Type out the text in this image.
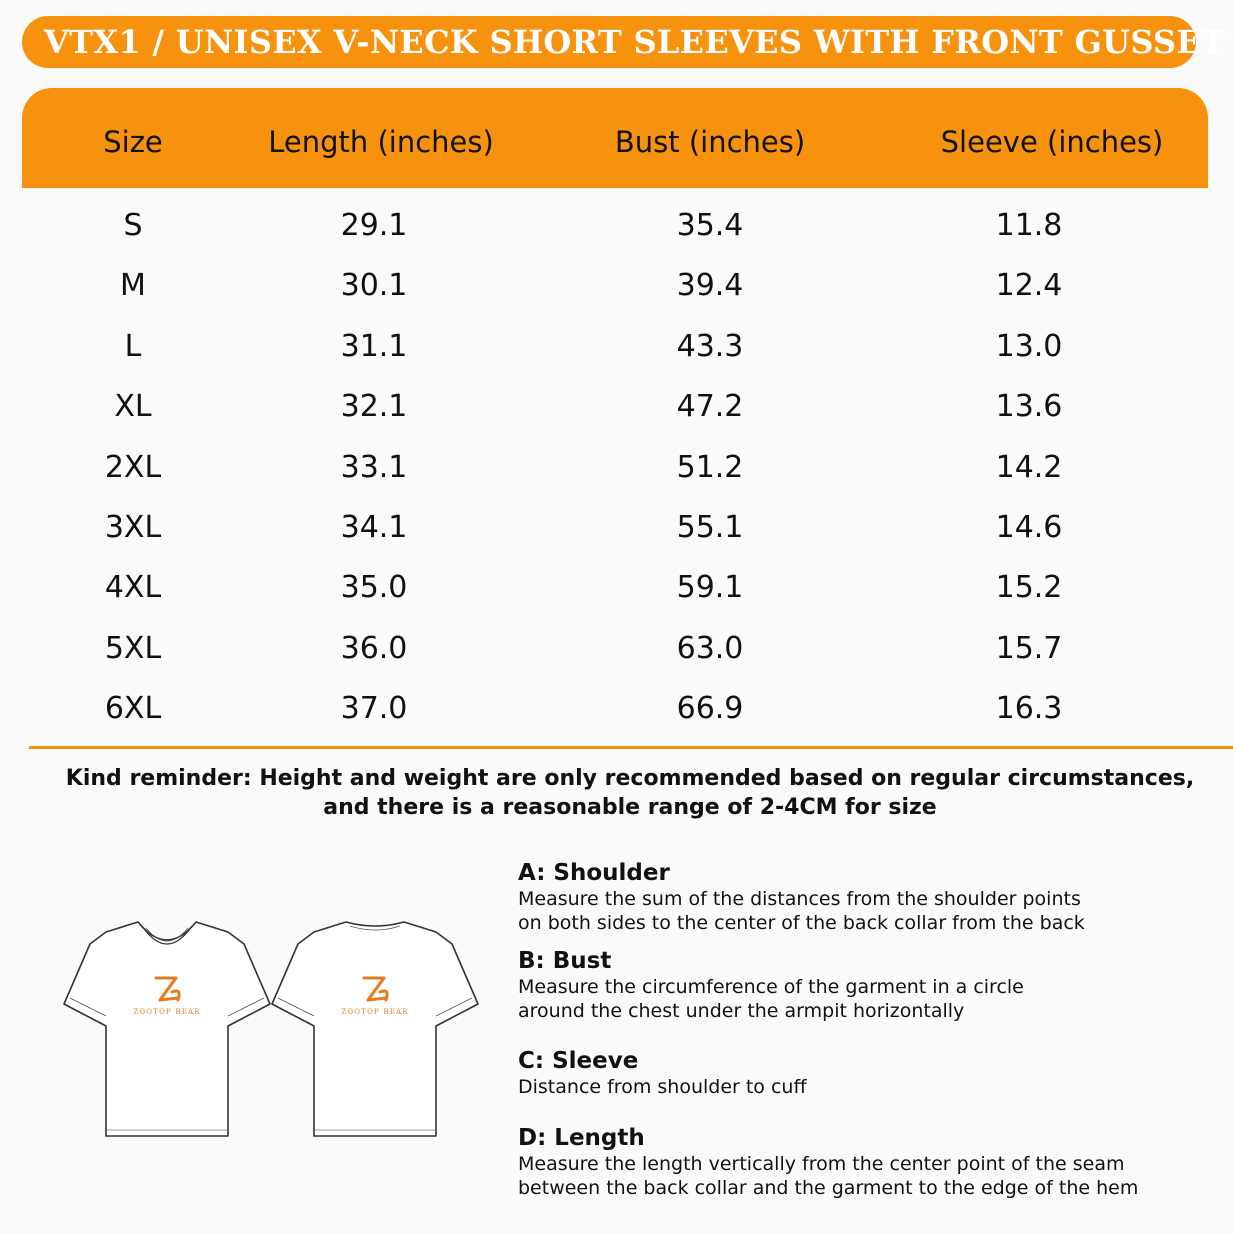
VTX1 / UNISEX V-NECK SHORT SLEEVES WITH FRONT GUSSET
Size	Length (inches)	Bust (inches)	Sleeve (inches)
S	29.1	35.4	11.8
M	30.1	39.4	12.4
L	31.1	43.3	13.0
XL	32.1	47.2	13.6
2XL	33.1	51.2	14.2
3XL	34.1	55.1	14.6
4XL	35.0	59.1	15.2
5XL	36.0	63.0	15.7
6XL	37.0	66.9	16.3
Kind reminder: Height and weight are only recommended based on regular circumstances,
and there is a reasonable range of 2-4CM for size
ZOOTOP BEAR	ZOOTOP BEAR
A: Shoulder
Measure the sum of the distances from the shoulder points
on both sides to the center of the back collar from the back
B: Bust
Measure the circumference of the garment in a circle
around the chest under the armpit horizontally
C: Sleeve
Distance from shoulder to cuff
D: Length
Measure the length vertically from the center point of the seam
between the back collar and the garment to the edge of the hem
